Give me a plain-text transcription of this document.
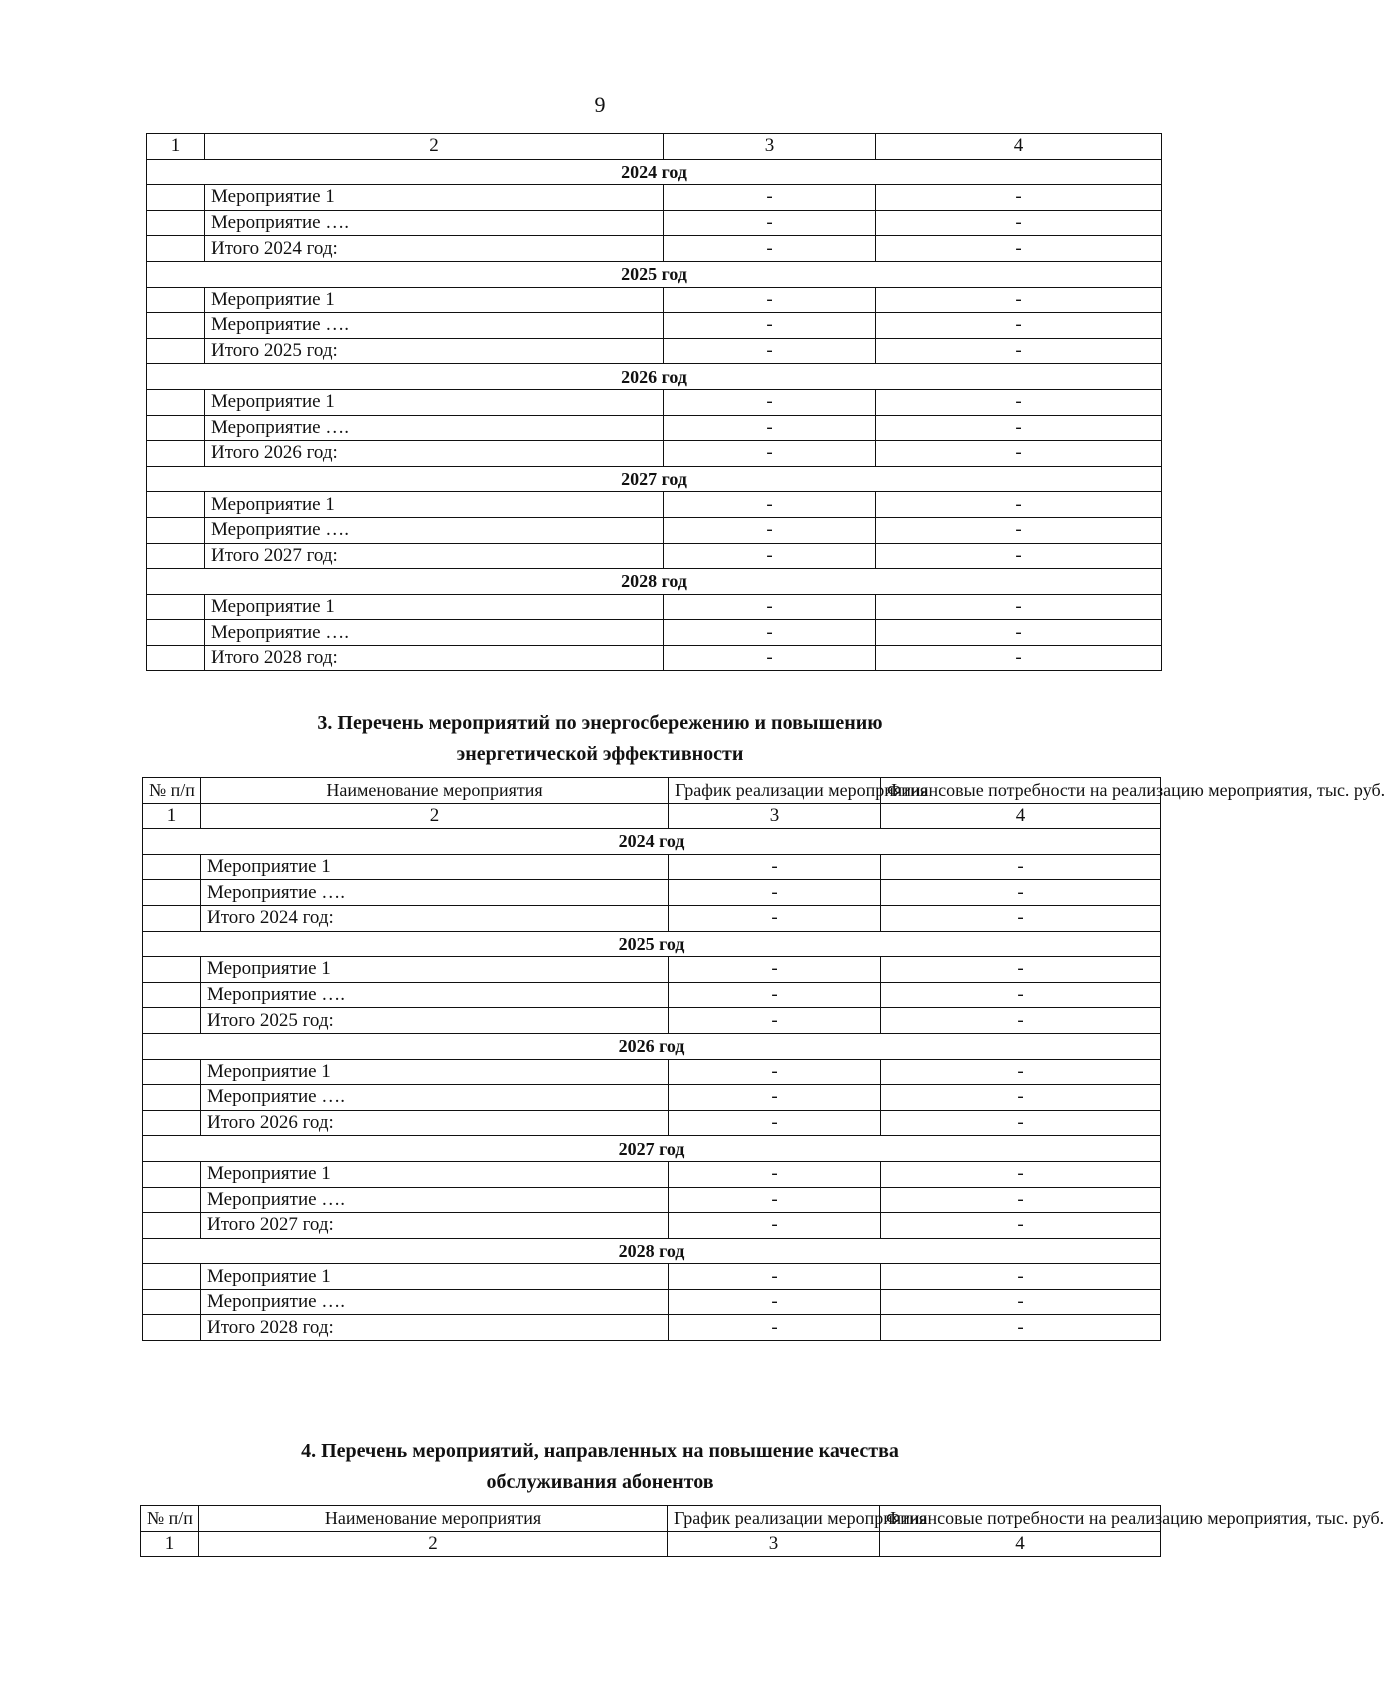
9
1	2	3	4
2024 год			
	Мероприятие 1	-	-
	Мероприятие ….	-	-
	Итого 2024 год:	-	-
2025 год			
	Мероприятие 1	-	-
	Мероприятие ….	-	-
	Итого 2025 год:	-	-
2026 год			
	Мероприятие 1	-	-
	Мероприятие ….	-	-
	Итого 2026 год:	-	-
2027 год			
	Мероприятие 1	-	-
	Мероприятие ….	-	-
	Итого 2027 год:	-	-
2028 год			
	Мероприятие 1	-	-
	Мероприятие ….	-	-
	Итого 2028 год:	-	-
3. Перечень мероприятий по энергосбережению и повышению
энергетической эффективности
№ п/п	Наименование мероприятия	График реализации мероприятия	Финансовые потребности на реализацию мероприятия, тыс. руб.
1	2	3	4
2024 год			
	Мероприятие 1	-	-
	Мероприятие ….	-	-
	Итого 2024 год:	-	-
2025 год			
	Мероприятие 1	-	-
	Мероприятие ….	-	-
	Итого 2025 год:	-	-
2026 год			
	Мероприятие 1	-	-
	Мероприятие ….	-	-
	Итого 2026 год:	-	-
2027 год			
	Мероприятие 1	-	-
	Мероприятие ….	-	-
	Итого 2027 год:	-	-
2028 год			
	Мероприятие 1	-	-
	Мероприятие ….	-	-
	Итого 2028 год:	-	-
4. Перечень мероприятий, направленных на повышение качества
обслуживания абонентов
№ п/п	Наименование мероприятия	График реализации мероприятия	Финансовые потребности на реализацию мероприятия, тыс. руб.
1	2	3	4
